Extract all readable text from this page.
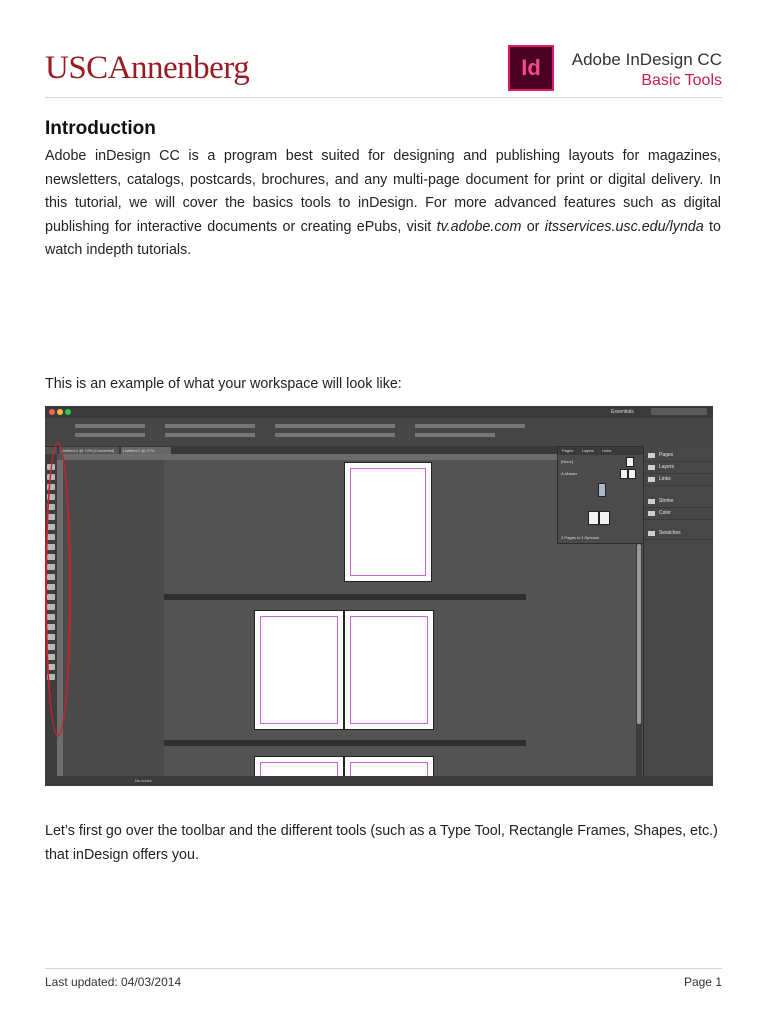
USCAnnenberg	Id Adobe InDesign CC
Basic Tools
Introduction
Adobe inDesign CC is a program best suited for designing and publishing layouts for magazines, newsletters, catalogs, postcards, brochures, and any multi-page document for print or digital delivery. In this tutorial, we will cover the basics tools to inDesign. For more advanced features such as digital publishing for interactive documents or creating ePubs, visit tv.adobe.com or itsservices.usc.edu/lynda to watch indepth tutorials.
This is an example of what your workspace will look like:
Essentials
Untitled-1 @ 74% [Converted]	Untitled-2 @ 27%	Pages Layers Links
[None]
A-Master
3 Pages in 3 Spreads
Pages
Layers
Links
Stroke
Color
Swatches
No errors
Let’s first go over the toolbar and the different tools (such as a Type Tool, Rectangle Frames, Shapes, etc.) that inDesign offers you.
Last updated: 04/03/2014	Page 1
